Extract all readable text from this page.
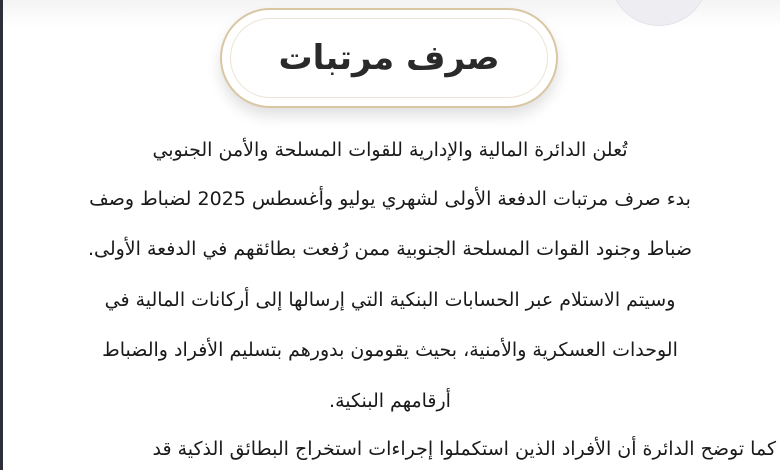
صرف مرتبات
تُعلن الدائرة المالية والإدارية للقوات المسلحة والأمن الجنوبي
بدء صرف مرتبات الدفعة الأولى لشهري يوليو وأغسطس 2025 لضباط وصف
ضباط وجنود القوات المسلحة الجنوبية ممن رُفعت بطائقهم في الدفعة الأولى.
وسيتم الاستلام عبر الحسابات البنكية التي إرسالها إلى أركانات المالية في
الوحدات العسكرية والأمنية، بحيث يقومون بدورهم بتسليم الأفراد والضباط
أرقامهم البنكية.
كما توضح الدائرة أن الأفراد الذين استكملوا إجراءات استخراج البطائق الذكية قد
